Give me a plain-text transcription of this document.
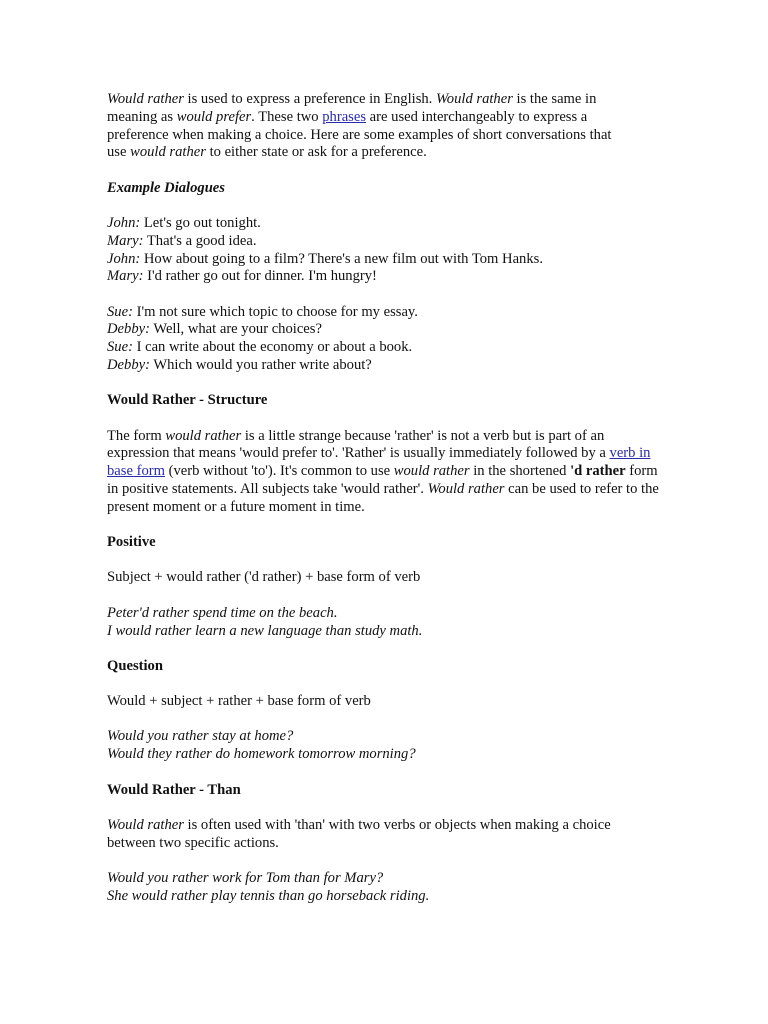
Would rather is used to express a preference in English. Would rather is the same in meaning as would prefer. These two phrases are used interchangeably to express a preference when making a choice. Here are some examples of short conversations that use would rather to either state or ask for a preference.

Example Dialogues

John: Let's go out tonight.
Mary: That's a good idea.
John: How about going to a film? There's a new film out with Tom Hanks.
Mary: I'd rather go out for dinner. I'm hungry!

Sue: I'm not sure which topic to choose for my essay.
Debby: Well, what are your choices?
Sue: I can write about the economy or about a book.
Debby: Which would you rather write about?

Would Rather - Structure

The form would rather is a little strange because 'rather' is not a verb but is part of an expression that means 'would prefer to'. 'Rather' is usually immediately followed by a verb in base form (verb without 'to'). It's common to use would rather in the shortened 'd rather form in positive statements. All subjects take 'would rather'. Would rather can be used to refer to the present moment or a future moment in time.

Positive

Subject + would rather ('d rather) + base form of verb

Peter'd rather spend time on the beach.
I would rather learn a new language than study math.

Question

Would + subject + rather + base form of verb

Would you rather stay at home?
Would they rather do homework tomorrow morning?

Would Rather - Than

Would rather is often used with 'than' with two verbs or objects when making a choice between two specific actions.

Would you rather work for Tom than for Mary?
She would rather play tennis than go horseback riding.
